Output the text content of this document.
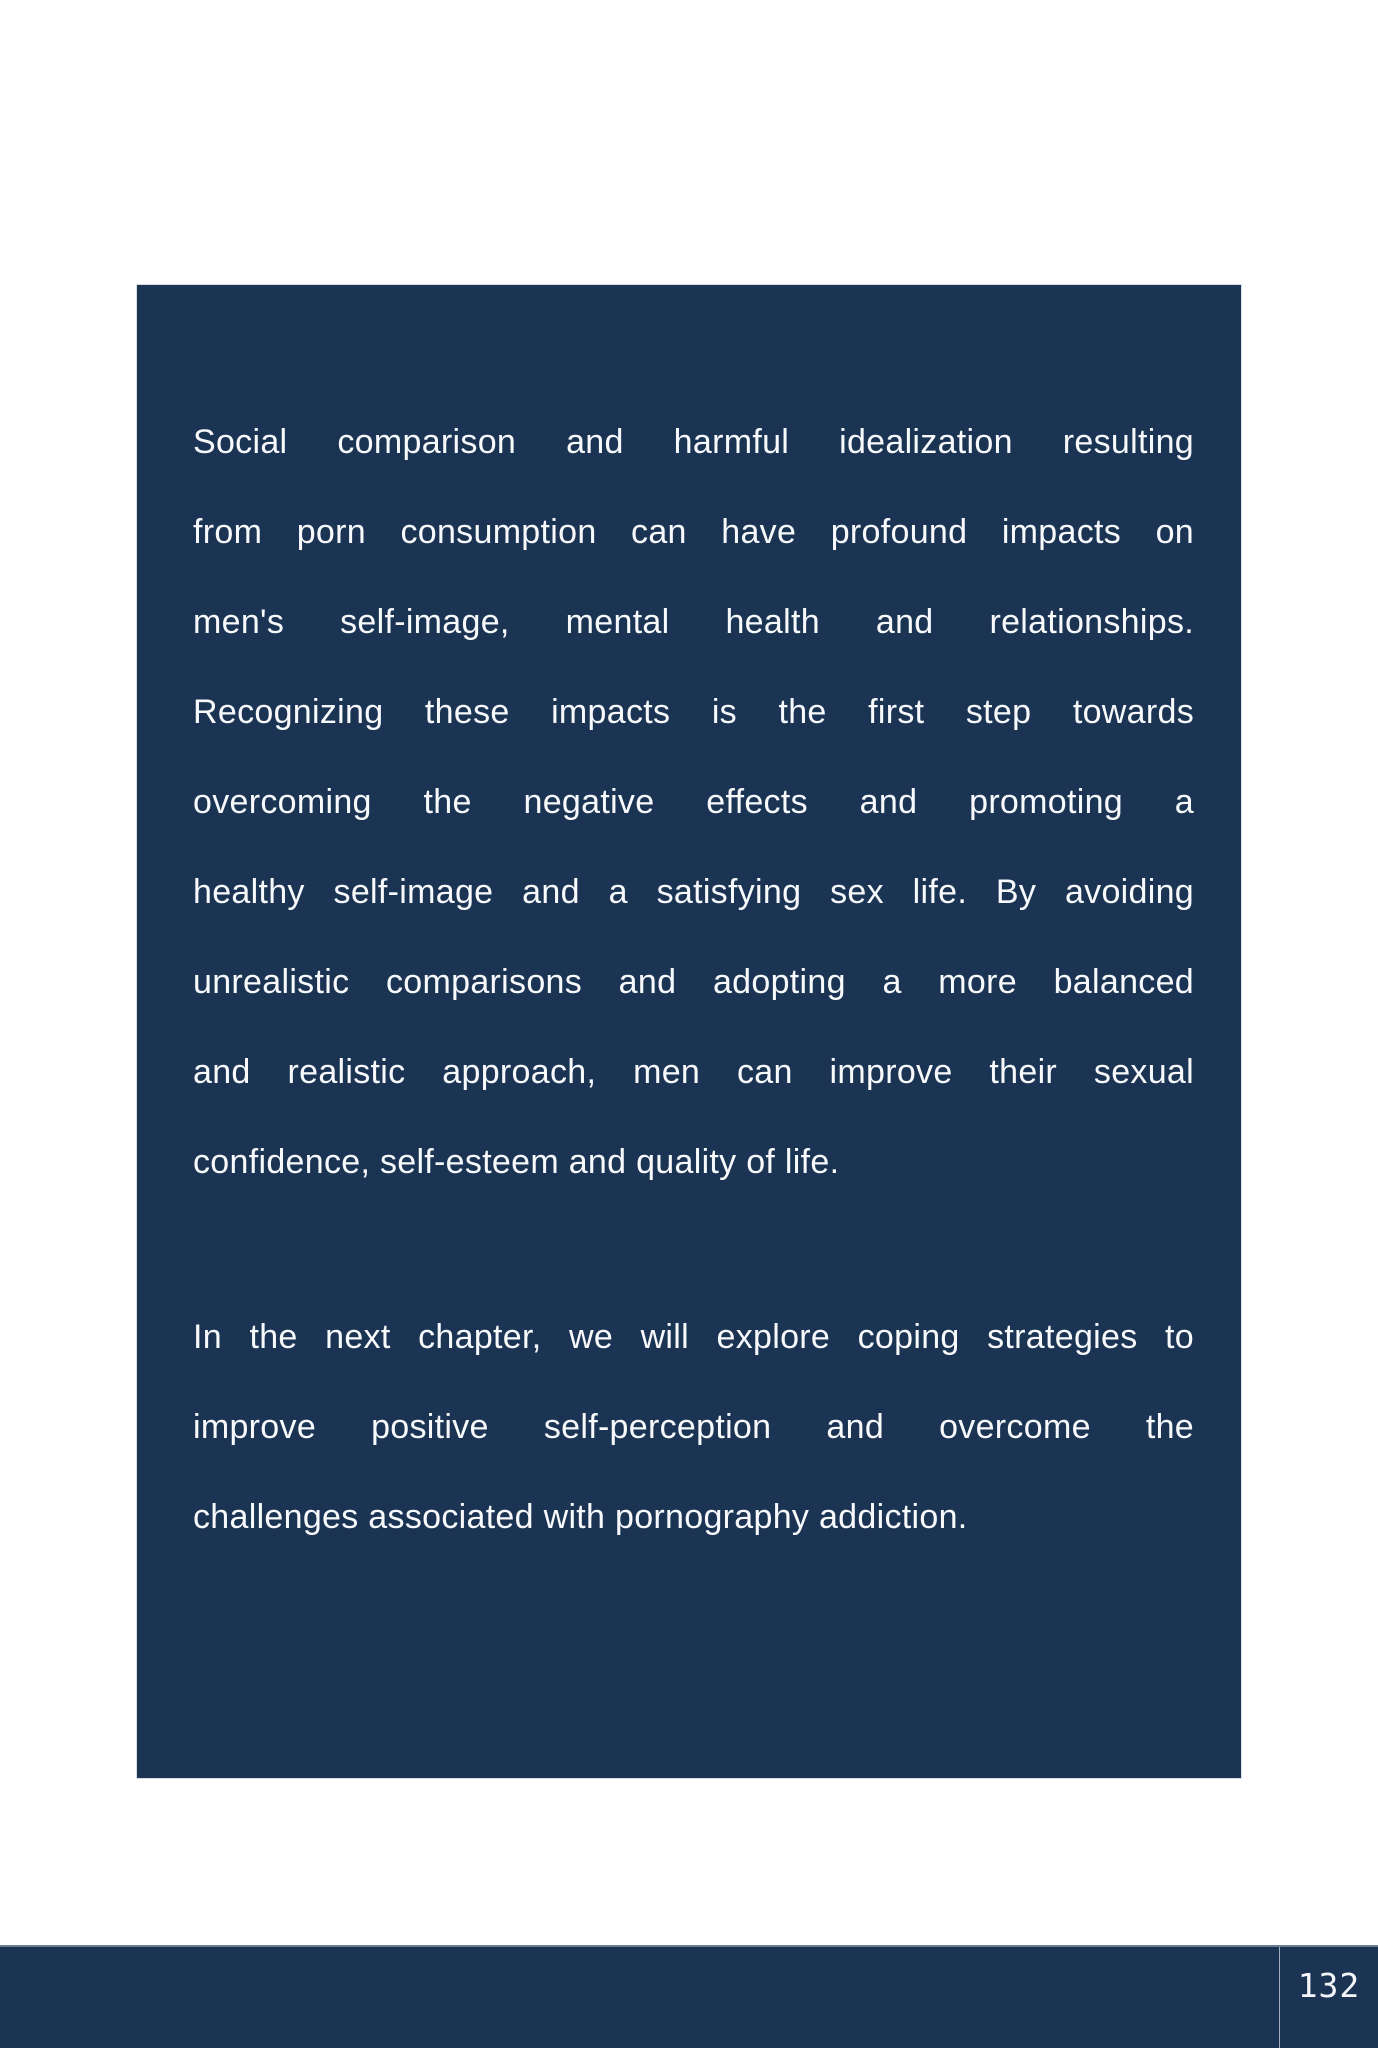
Social comparison and harmful idealization resulting
from porn consumption can have profound impacts on
men's self-image, mental health and relationships.
Recognizing these impacts is the first step towards
overcoming the negative effects and promoting a
healthy self-image and a satisfying sex life. By avoiding
unrealistic comparisons and adopting a more balanced
and realistic approach, men can improve their sexual
confidence, self-esteem and quality of life.

In the next chapter, we will explore coping strategies to
improve positive self-perception and overcome the
challenges associated with pornography addiction.

132
